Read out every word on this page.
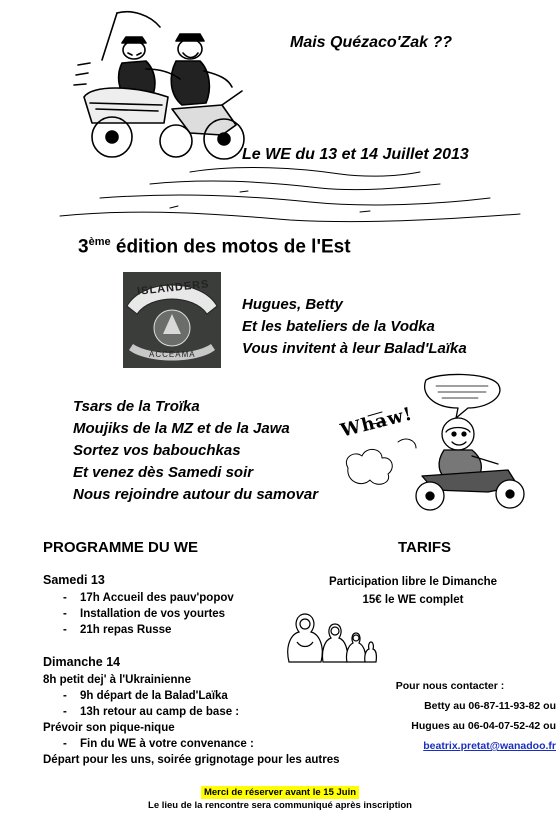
Mais Quézaco'Zak ??
Le WE du 13 et 14 Juillet 2013
3ème édition des motos de l'Est
ISLANDERS
ACCEAMA
Hugues, Betty
Et les bateliers de la Vodka
Vous invitent à leur Balad'Laïka
Tsars de la Troïka
Moujiks de la MZ et de la Jawa
Sortez vos babouchkas
Et venez dès Samedi soir
Nous rejoindre autour du samovar
Whaw!
PROGRAMME DU WE
Samedi 13
- 17h Accueil des pauv'popov
- Installation de vos yourtes
- 21h repas Russe
Dimanche 14
8h petit dej' à l'Ukrainienne
- 9h départ de la Balad'Laïka
- 13h retour au camp de base :
Prévoir son pique-nique
- Fin du WE à votre convenance :
Départ pour les uns, soirée grignotage pour les autres
TARIFS
Participation libre le Dimanche
15€ le WE complet
Pour nous contacter :
Betty au 06-87-11-93-82 ou
Hugues au 06-04-07-52-42 ou
beatrix.pretat@wanadoo.fr
Merci de réserver avant le 15 Juin
Le lieu de la rencontre sera communiqué après inscription
